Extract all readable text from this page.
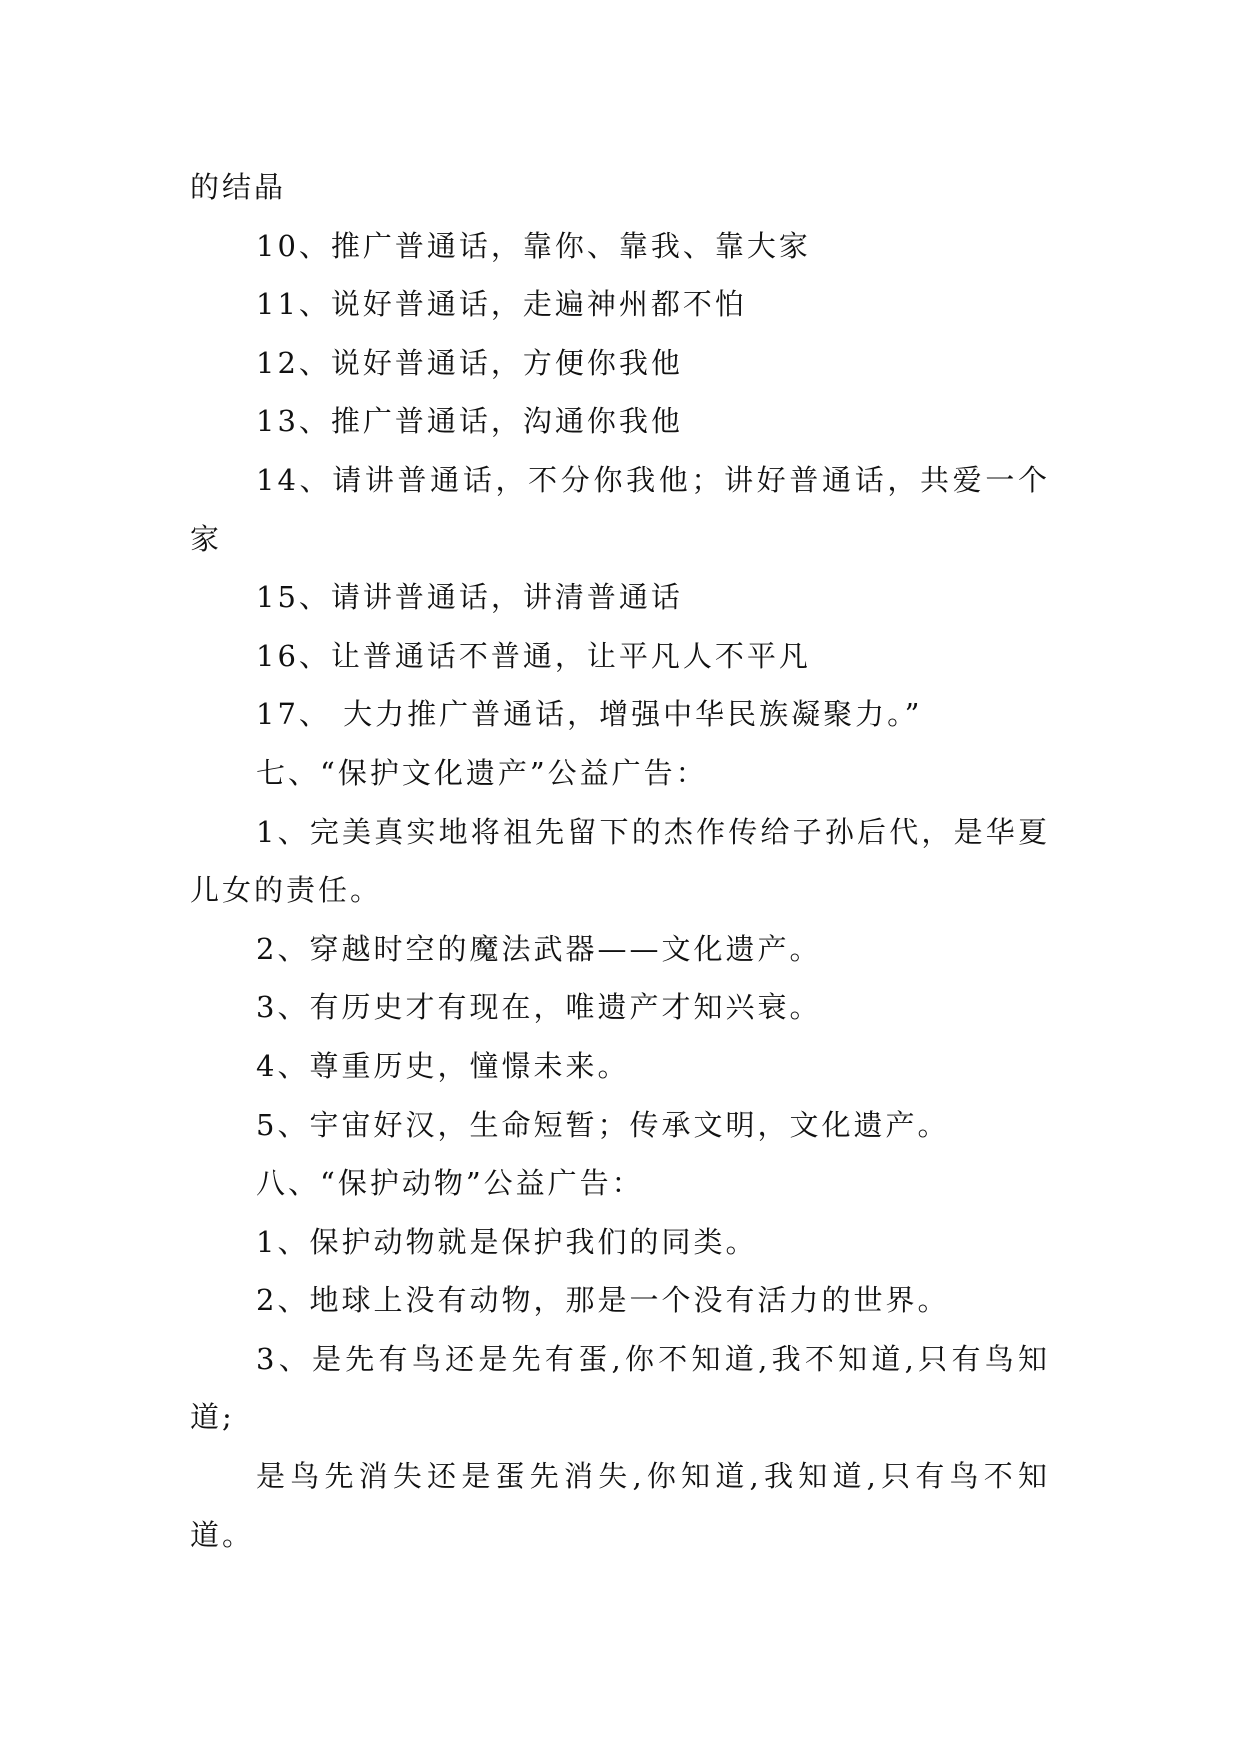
的结晶

10、推广普通话，靠你、靠我、靠大家

11、说好普通话，走遍神州都不怕

12、说好普通话，方便你我他

13、推广普通话，沟通你我他

14、请讲普通话，不分你我他；讲好普通话，共爱一个家

15、请讲普通话，讲清普通话

16、让普通话不普通，让平凡人不平凡

17、 大力推广普通话，增强中华民族凝聚力。”

七、“保护文化遗产”公益广告：

1、完美真实地将祖先留下的杰作传给子孙后代，是华夏儿女的责任。

2、穿越时空的魔法武器——文化遗产。

3、有历史才有现在，唯遗产才知兴衰。

4、尊重历史，憧憬未来。

5、宇宙好汉，生命短暂；传承文明，文化遗产。

八、“保护动物”公益广告：

1、保护动物就是保护我们的同类。

2、地球上没有动物，那是一个没有活力的世界。

3、是先有鸟还是先有蛋,你不知道,我不知道,只有鸟知道;

是鸟先消失还是蛋先消失,你知道,我知道,只有鸟不知道。
